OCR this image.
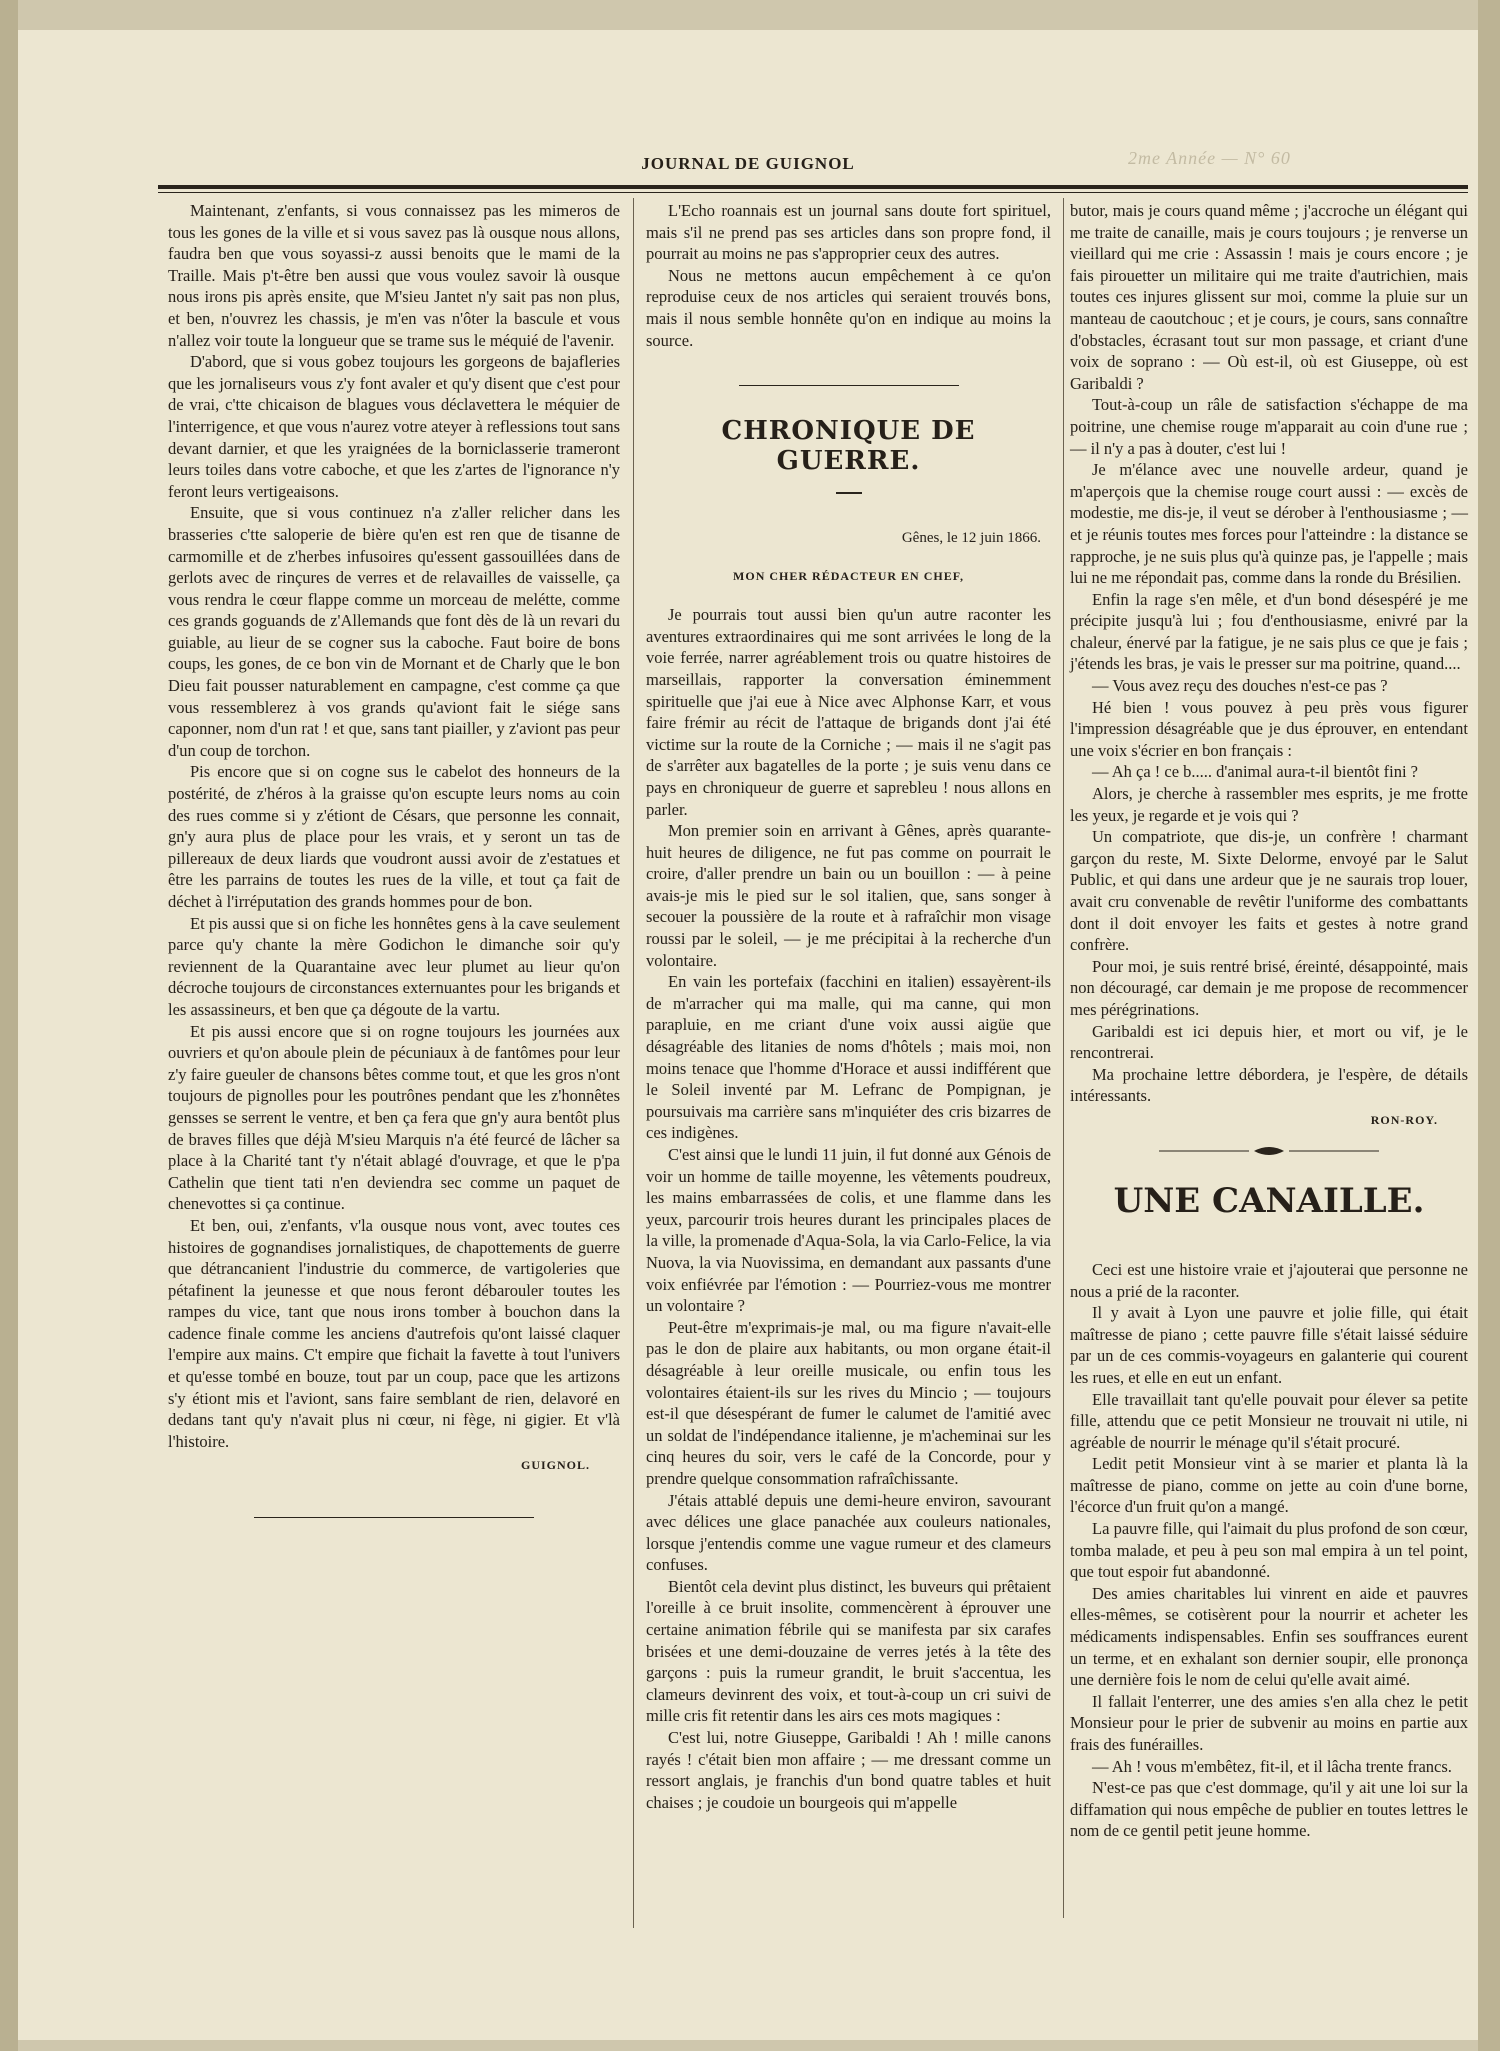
2me Année — N° 60
JOURNAL DE GUIGNOL

Maintenant, z'enfants, si vous connaissez pas les mimeros de tous les gones de la ville et si vous savez pas là ousque nous allons, faudra ben que vous soyassi-z aussi benoits que le mami de la Traille. Mais p't-être ben aussi que vous voulez savoir là ousque nous irons pis après ensite, que M'sieu Jantet n'y sait pas non plus, et ben, n'ouvrez les chassis, je m'en vas n'ôter la bascule et vous n'allez voir toute la longueur que se trame sus le méquié de l'avenir.

D'abord, que si vous gobez toujours les gorgeons de bajafleries que les jornaliseurs vous z'y font avaler et qu'y disent que c'est pour de vrai, c'tte chicaison de blagues vous déclavettera le méquier de l'interrigence, et que vous n'aurez votre ateyer à reflessions tout sans devant darnier, et que les yraignées de la borniclasserie trameront leurs toiles dans votre caboche, et que les z'artes de l'ignorance n'y feront leurs vertigeaisons.

Ensuite, que si vous continuez n'a z'aller relicher dans les brasseries c'tte saloperie de bière qu'en est ren que de tisanne de carmomille et de z'herbes infusoires qu'essent gassouillées dans de gerlots avec de rinçures de verres et de relavailles de vaisselle, ça vous rendra le cœur flappe comme un morceau de melétte, comme ces grands goguands de z'Allemands que font dès de là un revari du guiable, au lieur de se cogner sus la caboche. Faut boire de bons coups, les gones, de ce bon vin de Mornant et de Charly que le bon Dieu fait pousser naturablement en campagne, c'est comme ça que vous ressemblerez à vos grands qu'aviont fait le siége sans caponner, nom d'un rat ! et que, sans tant piailler, y z'aviont pas peur d'un coup de torchon.

Pis encore que si on cogne sus le cabelot des honneurs de la postérité, de z'héros à la graisse qu'on escupte leurs noms au coin des rues comme si y z'étiont de Césars, que personne les connait, gn'y aura plus de place pour les vrais, et y seront un tas de pillereaux de deux liards que voudront aussi avoir de z'estatues et être les parrains de toutes les rues de la ville, et tout ça fait de déchet à l'irréputation des grands hommes pour de bon.

Et pis aussi que si on fiche les honnêtes gens à la cave seulement parce qu'y chante la mère Godichon le dimanche soir qu'y reviennent de la Quarantaine avec leur plumet au lieur qu'on décroche toujours de circonstances externuantes pour les brigands et les assassineurs, et ben que ça dégoute de la vartu.

Et pis aussi encore que si on rogne toujours les journées aux ouvriers et qu'on aboule plein de pécuniaux à de fantômes pour leur z'y faire gueuler de chansons bêtes comme tout, et que les gros n'ont toujours de pignolles pour les poutrônes pendant que les z'honnêtes gensses se serrent le ventre, et ben ça fera que gn'y aura bentôt plus de braves filles que déjà M'sieu Marquis n'a été feurcé de lâcher sa place à la Charité tant t'y n'était ablagé d'ouvrage, et que le p'pa Cathelin que tient tati n'en deviendra sec comme un paquet de chenevottes si ça continue.

Et ben, oui, z'enfants, v'la ousque nous vont, avec toutes ces histoires de gognandises jornalistiques, de chapottements de guerre que détrancanient l'industrie du commerce, de vartigoleries que pétafinent la jeunesse et que nous feront débarouler toutes les rampes du vice, tant que nous irons tomber à bouchon dans la cadence finale comme les anciens d'autrefois qu'ont laissé claquer l'empire aux mains. C't empire que fichait la favette à tout l'univers et qu'esse tombé en bouze, tout par un coup, pace que les artizons s'y étiont mis et l'aviont, sans faire semblant de rien, delavoré en dedans tant qu'y n'avait plus ni cœur, ni fège, ni gigier. Et v'là l'histoire.

GUIGNOL.

L'Echo roannais est un journal sans doute fort spirituel, mais s'il ne prend pas ses articles dans son propre fond, il pourrait au moins ne pas s'approprier ceux des autres.

Nous ne mettons aucun empêchement à ce qu'on reproduise ceux de nos articles qui seraient trouvés bons, mais il nous semble honnête qu'on en indique au moins la source.

CHRONIQUE DE GUERRE.

Gênes, le 12 juin 1866.

MON CHER RÉDACTEUR EN CHEF,

Je pourrais tout aussi bien qu'un autre raconter les aventures extraordinaires qui me sont arrivées le long de la voie ferrée, narrer agréablement trois ou quatre histoires de marseillais, rapporter la conversation éminemment spirituelle que j'ai eue à Nice avec Alphonse Karr, et vous faire frémir au récit de l'attaque de brigands dont j'ai été victime sur la route de la Corniche ; — mais il ne s'agit pas de s'arrêter aux bagatelles de la porte ; je suis venu dans ce pays en chroniqueur de guerre et saprebleu ! nous allons en parler.

Mon premier soin en arrivant à Gênes, après quarante-huit heures de diligence, ne fut pas comme on pourrait le croire, d'aller prendre un bain ou un bouillon : — à peine avais-je mis le pied sur le sol italien, que, sans songer à secouer la poussière de la route et à rafraîchir mon visage roussi par le soleil, — je me précipitai à la recherche d'un volontaire.

En vain les portefaix (facchini en italien) essayèrent-ils de m'arracher qui ma malle, qui ma canne, qui mon parapluie, en me criant d'une voix aussi aigüe que désagréable des litanies de noms d'hôtels ; mais moi, non moins tenace que l'homme d'Horace et aussi indifférent que le Soleil inventé par M. Lefranc de Pompignan, je poursuivais ma carrière sans m'inquiéter des cris bizarres de ces indigènes.

C'est ainsi que le lundi 11 juin, il fut donné aux Génois de voir un homme de taille moyenne, les vêtements poudreux, les mains embarrassées de colis, et une flamme dans les yeux, parcourir trois heures durant les principales places de la ville, la promenade d'Aqua-Sola, la via Carlo-Felice, la via Nuova, la via Nuovissima, en demandant aux passants d'une voix enfiévrée par l'émotion : — Pourriez-vous me montrer un volontaire ?

Peut-être m'exprimais-je mal, ou ma figure n'avait-elle pas le don de plaire aux habitants, ou mon organe était-il désagréable à leur oreille musicale, ou enfin tous les volontaires étaient-ils sur les rives du Mincio ; — toujours est-il que désespérant de fumer le calumet de l'amitié avec un soldat de l'indépendance italienne, je m'acheminai sur les cinq heures du soir, vers le café de la Concorde, pour y prendre quelque consommation rafraîchissante.

J'étais attablé depuis une demi-heure environ, savourant avec délices une glace panachée aux couleurs nationales, lorsque j'entendis comme une vague rumeur et des clameurs confuses.

Bientôt cela devint plus distinct, les buveurs qui prêtaient l'oreille à ce bruit insolite, commencèrent à éprouver une certaine animation fébrile qui se manifesta par six carafes brisées et une demi-douzaine de verres jetés à la tête des garçons : puis la rumeur grandit, le bruit s'accentua, les clameurs devinrent des voix, et tout-à-coup un cri suivi de mille cris fit retentir dans les airs ces mots magiques :

C'est lui, notre Giuseppe, Garibaldi ! Ah ! mille canons rayés ! c'était bien mon affaire ; — me dressant comme un ressort anglais, je franchis d'un bond quatre tables et huit chaises ; je coudoie un bourgeois qui m'appelle

butor, mais je cours quand même ; j'accroche un élégant qui me traite de canaille, mais je cours toujours ; je renverse un vieillard qui me crie : Assassin ! mais je cours encore ; je fais pirouetter un militaire qui me traite d'autrichien, mais toutes ces injures glissent sur moi, comme la pluie sur un manteau de caoutchouc ; et je cours, je cours, sans connaître d'obstacles, écrasant tout sur mon passage, et criant d'une voix de soprano : — Où est-il, où est Giuseppe, où est Garibaldi ?

Tout-à-coup un râle de satisfaction s'échappe de ma poitrine, une chemise rouge m'apparait au coin d'une rue ; — il n'y a pas à douter, c'est lui !

Je m'élance avec une nouvelle ardeur, quand je m'aperçois que la chemise rouge court aussi : — excès de modestie, me dis-je, il veut se dérober à l'enthousiasme ; — et je réunis toutes mes forces pour l'atteindre : la distance se rapproche, je ne suis plus qu'à quinze pas, je l'appelle ; mais lui ne me répondait pas, comme dans la ronde du Brésilien.

Enfin la rage s'en mêle, et d'un bond désespéré je me précipite jusqu'à lui ; fou d'enthousiasme, enivré par la chaleur, énervé par la fatigue, je ne sais plus ce que je fais ; j'étends les bras, je vais le presser sur ma poitrine, quand....

— Vous avez reçu des douches n'est-ce pas ?

Hé bien ! vous pouvez à peu près vous figurer l'impression désagréable que je dus éprouver, en entendant une voix s'écrier en bon français :

— Ah ça ! ce b..... d'animal aura-t-il bientôt fini ?

Alors, je cherche à rassembler mes esprits, je me frotte les yeux, je regarde et je vois qui ?

Un compatriote, que dis-je, un confrère ! charmant garçon du reste, M. Sixte Delorme, envoyé par le Salut Public, et qui dans une ardeur que je ne saurais trop louer, avait cru convenable de revêtir l'uniforme des combattants dont il doit envoyer les faits et gestes à notre grand confrère.

Pour moi, je suis rentré brisé, éreinté, désappointé, mais non découragé, car demain je me propose de recommencer mes pérégrinations.

Garibaldi est ici depuis hier, et mort ou vif, je le rencontrerai.

Ma prochaine lettre débordera, je l'espère, de détails intéressants.

RON-ROY.

UNE CANAILLE.

Ceci est une histoire vraie et j'ajouterai que personne ne nous a prié de la raconter.

Il y avait à Lyon une pauvre et jolie fille, qui était maîtresse de piano ; cette pauvre fille s'était laissé séduire par un de ces commis-voyageurs en galanterie qui courent les rues, et elle en eut un enfant.

Elle travaillait tant qu'elle pouvait pour élever sa petite fille, attendu que ce petit Monsieur ne trouvait ni utile, ni agréable de nourrir le ménage qu'il s'était procuré.

Ledit petit Monsieur vint à se marier et planta là la maîtresse de piano, comme on jette au coin d'une borne, l'écorce d'un fruit qu'on a mangé.

La pauvre fille, qui l'aimait du plus profond de son cœur, tomba malade, et peu à peu son mal empira à un tel point, que tout espoir fut abandonné.

Des amies charitables lui vinrent en aide et pauvres elles-mêmes, se cotisèrent pour la nourrir et acheter les médicaments indispensables. Enfin ses souffrances eurent un terme, et en exhalant son dernier soupir, elle prononça une dernière fois le nom de celui qu'elle avait aimé.

Il fallait l'enterrer, une des amies s'en alla chez le petit Monsieur pour le prier de subvenir au moins en partie aux frais des funérailles.

— Ah ! vous m'embêtez, fit-il, et il lâcha trente francs.

N'est-ce pas que c'est dommage, qu'il y ait une loi sur la diffamation qui nous empêche de publier en toutes lettres le nom de ce gentil petit jeune homme.
